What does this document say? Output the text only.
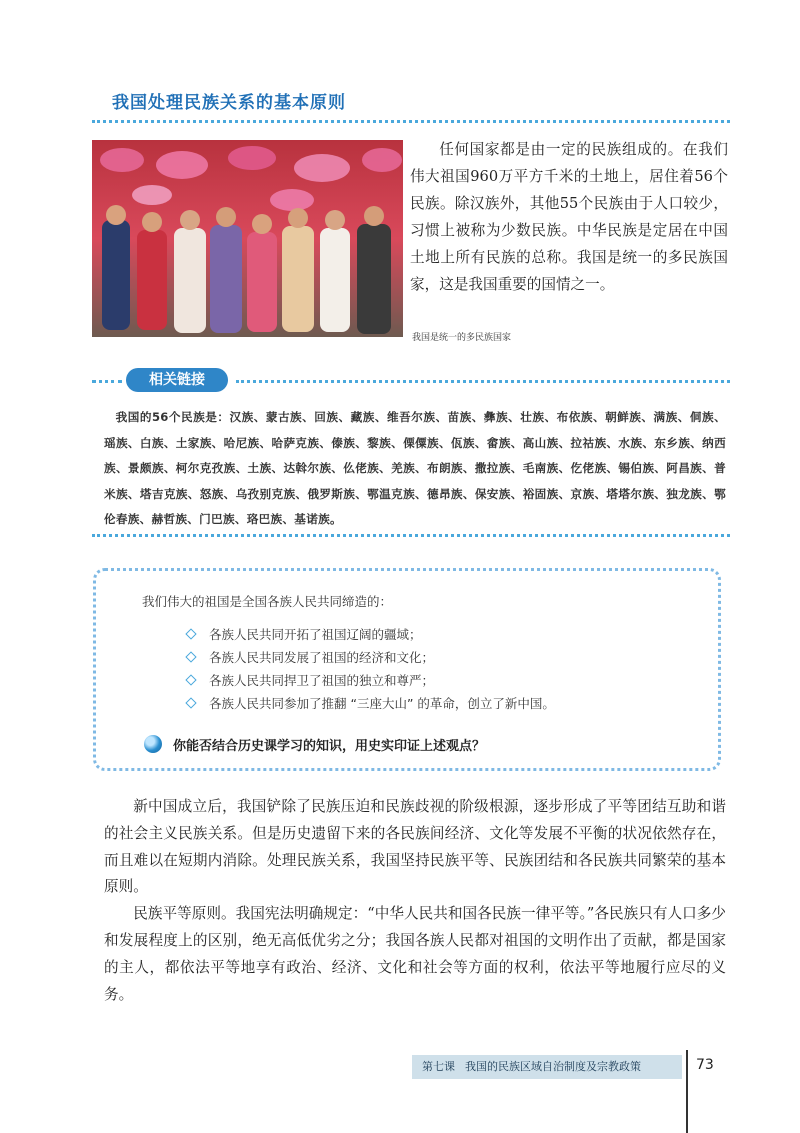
我国处理民族关系的基本原则
我国是统一的多民族国家
任何国家都是由一定的民族组成的。在我们伟大祖国960万平方千米的土地上，居住着56个民族。除汉族外，其他55个民族由于人口较少，习惯上被称为少数民族。中华民族是定居在中国土地上所有民族的总称。我国是统一的多民族国家，这是我国重要的国情之一。
相关链接
我国的56个民族是：汉族、蒙古族、回族、藏族、维吾尔族、苗族、彝族、壮族、布依族、朝鲜族、满族、侗族、瑶族、白族、土家族、哈尼族、哈萨克族、傣族、黎族、傈僳族、佤族、畲族、高山族、拉祜族、水族、东乡族、纳西族、景颇族、柯尔克孜族、土族、达斡尔族、仫佬族、羌族、布朗族、撒拉族、毛南族、仡佬族、锡伯族、阿昌族、普米族、塔吉克族、怒族、乌孜别克族、俄罗斯族、鄂温克族、德昂族、保安族、裕固族、京族、塔塔尔族、独龙族、鄂伦春族、赫哲族、门巴族、珞巴族、基诺族。
我们伟大的祖国是全国各族人民共同缔造的：
各族人民共同开拓了祖国辽阔的疆域；
各族人民共同发展了祖国的经济和文化；
各族人民共同捍卫了祖国的独立和尊严；
各族人民共同参加了推翻 “三座大山” 的革命，创立了新中国。
你能否结合历史课学习的知识，用史实印证上述观点？

新中国成立后，我国铲除了民族压迫和民族歧视的阶级根源，逐步形成了平等团结互助和谐的社会主义民族关系。但是历史遗留下来的各民族间经济、文化等发展不平衡的状况依然存在，而且难以在短期内消除。处理民族关系，我国坚持民族平等、民族团结和各民族共同繁荣的基本原则。

民族平等原则。我国宪法明确规定：“中华人民共和国各民族一律平等。”各民族只有人口多少和发展程度上的区别，绝无高低优劣之分；我国各族人民都对祖国的文明作出了贡献，都是国家的主人，都依法平等地享有政治、经济、文化和社会等方面的权利，依法平等地履行应尽的义务。

第七课 我国的民族区域自治制度及宗教政策	73
